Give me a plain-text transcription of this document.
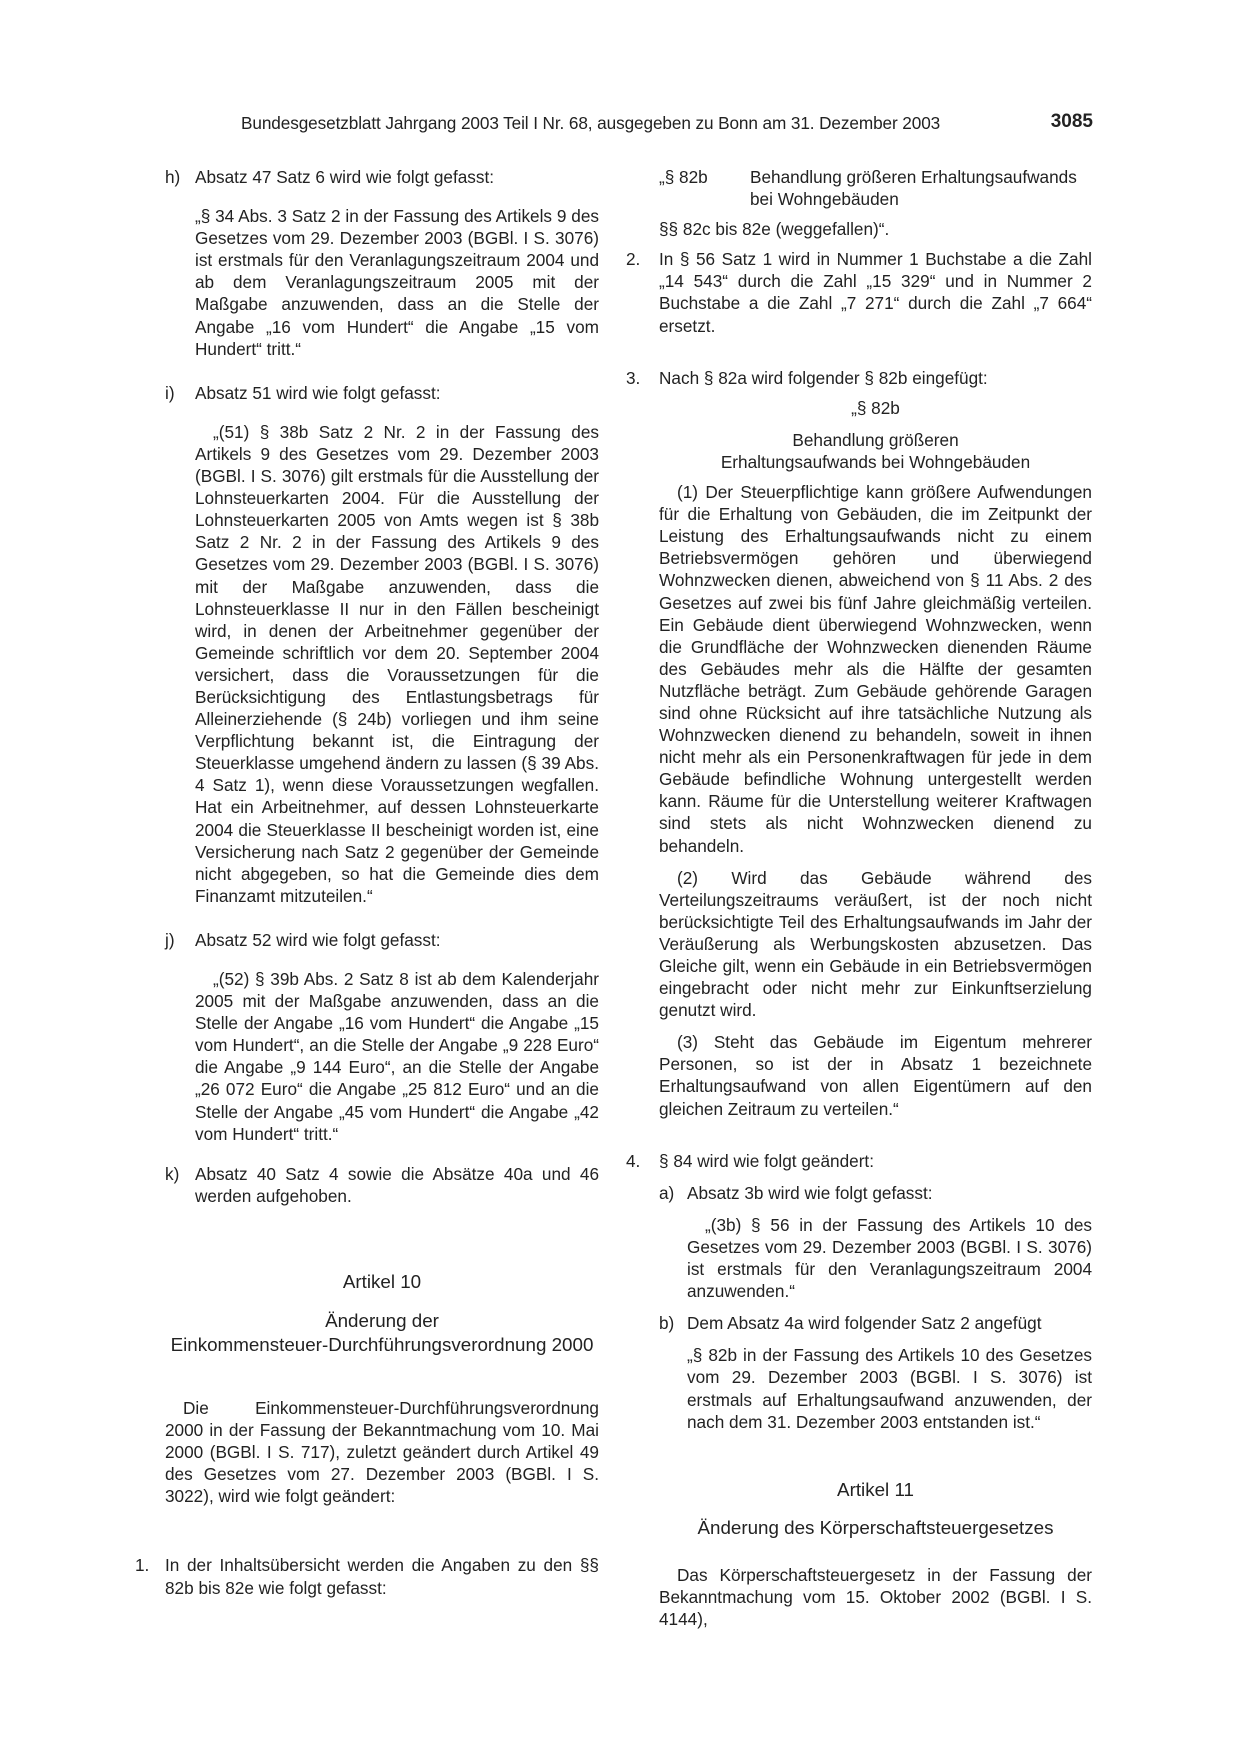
Bundesgesetzblatt Jahrgang 2003 Teil I Nr. 68, ausgegeben zu Bonn am 31. Dezember 2003	3085
h) Absatz 47 Satz 6 wird wie folgt gefasst:

„§ 34 Abs. 3 Satz 2 in der Fassung des Artikels 9 des Gesetzes vom 29. Dezember 2003 (BGBl. I S. 3076) ist erstmals für den Veranlagungszeitraum 2004 und ab dem Veranlagungszeitraum 2005 mit der Maßgabe anzuwenden, dass an die Stelle der Angabe „16 vom Hundert“ die Angabe „15 vom Hundert“ tritt.“

i) Absatz 51 wird wie folgt gefasst:

„(51) § 38b Satz 2 Nr. 2 in der Fassung des Artikels 9 des Gesetzes vom 29. Dezember 2003 (BGBl. I S. 3076) gilt erstmals für die Ausstellung der Lohnsteuerkarten 2004. Für die Ausstellung der Lohnsteuerkarten 2005 von Amts wegen ist § 38b Satz 2 Nr. 2 in der Fassung des Artikels 9 des Gesetzes vom 29. Dezember 2003 (BGBl. I S. 3076) mit der Maßgabe anzuwenden, dass die Lohnsteuerklasse II nur in den Fällen bescheinigt wird, in denen der Arbeitnehmer gegenüber der Gemeinde schriftlich vor dem 20. September 2004 versichert, dass die Voraussetzungen für die Berücksichtigung des Entlastungsbetrags für Alleinerziehende (§ 24b) vorliegen und ihm seine Verpflichtung bekannt ist, die Eintragung der Steuerklasse umgehend ändern zu lassen (§ 39 Abs. 4 Satz 1), wenn diese Voraussetzungen wegfallen. Hat ein Arbeitnehmer, auf dessen Lohnsteuerkarte 2004 die Steuerklasse II bescheinigt worden ist, eine Versicherung nach Satz 2 gegenüber der Gemeinde nicht abgegeben, so hat die Gemeinde dies dem Finanzamt mitzuteilen.“

j) Absatz 52 wird wie folgt gefasst:

„(52) § 39b Abs. 2 Satz 8 ist ab dem Kalenderjahr 2005 mit der Maßgabe anzuwenden, dass an die Stelle der Angabe „16 vom Hundert“ die Angabe „15 vom Hundert“, an die Stelle der Angabe „9 228 Euro“ die Angabe „9 144 Euro“, an die Stelle der Angabe „26 072 Euro“ die Angabe „25 812 Euro“ und an die Stelle der Angabe „45 vom Hundert“ die Angabe „42 vom Hundert“ tritt.“

k) Absatz 40 Satz 4 sowie die Absätze 40a und 46 werden aufgehoben.

Artikel 10

Änderung der

Einkommensteuer-Durchführungsverordnung 2000

Die Einkommensteuer-Durchführungsverordnung 2000 in der Fassung der Bekanntmachung vom 10. Mai 2000 (BGBl. I S. 717), zuletzt geändert durch Artikel 49 des Gesetzes vom 27. Dezember 2003 (BGBl. I S. 3022), wird wie folgt geändert:

1. In der Inhaltsübersicht werden die Angaben zu den §§ 82b bis 82e wie folgt gefasst:

„§ 82b Behandlung größeren Erhaltungsaufwands bei Wohngebäuden

§§ 82c bis 82e (weggefallen)“.

2. In § 56 Satz 1 wird in Nummer 1 Buchstabe a die Zahl „14 543“ durch die Zahl „15 329“ und in Nummer 2 Buchstabe a die Zahl „7 271“ durch die Zahl „7 664“ ersetzt.

3. Nach § 82a wird folgender § 82b eingefügt:

„§ 82b

Behandlung größeren

Erhaltungsaufwands bei Wohngebäuden

(1) Der Steuerpflichtige kann größere Aufwendungen für die Erhaltung von Gebäuden, die im Zeitpunkt der Leistung des Erhaltungsaufwands nicht zu einem Betriebsvermögen gehören und überwiegend Wohnzwecken dienen, abweichend von § 11 Abs. 2 des Gesetzes auf zwei bis fünf Jahre gleichmäßig verteilen. Ein Gebäude dient überwiegend Wohnzwecken, wenn die Grundfläche der Wohnzwecken dienenden Räume des Gebäudes mehr als die Hälfte der gesamten Nutzfläche beträgt. Zum Gebäude gehörende Garagen sind ohne Rücksicht auf ihre tatsächliche Nutzung als Wohnzwecken dienend zu behandeln, soweit in ihnen nicht mehr als ein Personenkraftwagen für jede in dem Gebäude befindliche Wohnung untergestellt werden kann. Räume für die Unterstellung weiterer Kraftwagen sind stets als nicht Wohnzwecken dienend zu behandeln.

(2) Wird das Gebäude während des Verteilungszeitraums veräußert, ist der noch nicht berücksichtigte Teil des Erhaltungsaufwands im Jahr der Veräußerung als Werbungskosten abzusetzen. Das Gleiche gilt, wenn ein Gebäude in ein Betriebsvermögen eingebracht oder nicht mehr zur Einkunftserzielung genutzt wird.

(3) Steht das Gebäude im Eigentum mehrerer Personen, so ist der in Absatz 1 bezeichnete Erhaltungsaufwand von allen Eigentümern auf den gleichen Zeitraum zu verteilen.“

4. § 84 wird wie folgt geändert:

a) Absatz 3b wird wie folgt gefasst:

„(3b) § 56 in der Fassung des Artikels 10 des Gesetzes vom 29. Dezember 2003 (BGBl. I S. 3076) ist erstmals für den Veranlagungszeitraum 2004 anzuwenden.“

b) Dem Absatz 4a wird folgender Satz 2 angefügt

„§ 82b in der Fassung des Artikels 10 des Gesetzes vom 29. Dezember 2003 (BGBl. I S. 3076) ist erstmals auf Erhaltungsaufwand anzuwenden, der nach dem 31. Dezember 2003 entstanden ist.“

Artikel 11

Änderung des Körperschaftsteuergesetzes

Das Körperschaftsteuergesetz in der Fassung der Bekanntmachung vom 15. Oktober 2002 (BGBl. I S. 4144),
